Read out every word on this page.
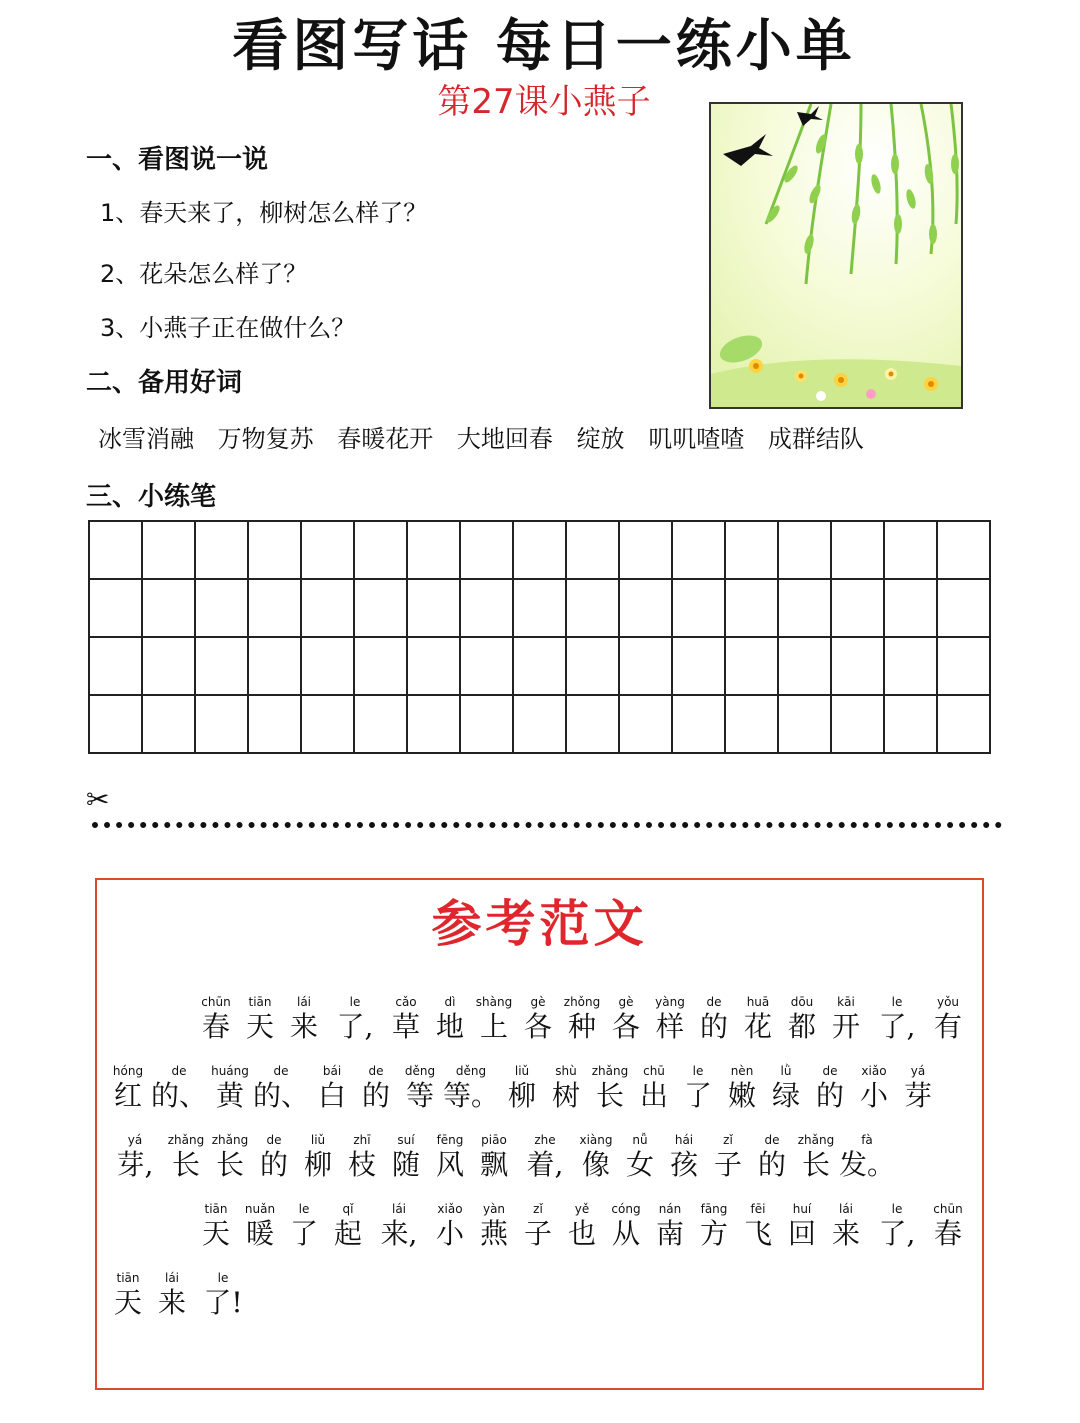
看图写话 每日一练小单
第27课小燕子
一、看图说一说
1、春天来了，柳树怎么样了？
2、花朵怎么样了？
3、小燕子正在做什么？
二、备用好词
冰雪消融 万物复苏 春暖花开 大地回春 绽放 叽叽喳喳 成群结队
三、小练笔

✂
参考范文
chūn
春
tiān
天
lái
来
le
了,
cǎo
草
dì
地
shàng
上
gè
各
zhǒng
种
gè
各
yàng
样
de
的
huā
花
dōu
都
kāi
开
le
了,
yǒu
有
hóng
红
de
的、
huáng
黄
de
的、
bái
白
de
的
děng
等
děng
等。
liǔ
柳
shù
树
zhǎng
长
chū
出
le
了
nèn
嫩
lǜ
绿
de
的
xiǎo
小
yá
芽
yá
芽,
zhǎng
长
zhǎng
长
de
的
liǔ
柳
zhī
枝
suí
随
fēng
风
piāo
飘
zhe
着,
xiàng
像
nǚ
女
hái
孩
zǐ
子
de
的
zhǎng
长
fà
发。
tiān
天
nuǎn
暖
le
了
qǐ
起
lái
来,
xiǎo
小
yàn
燕
zǐ
子
yě
也
cóng
从
nán
南
fāng
方
fēi
飞
huí
回
lái
来
le
了,
chūn
春
tiān
天
lái
来
le
了!
